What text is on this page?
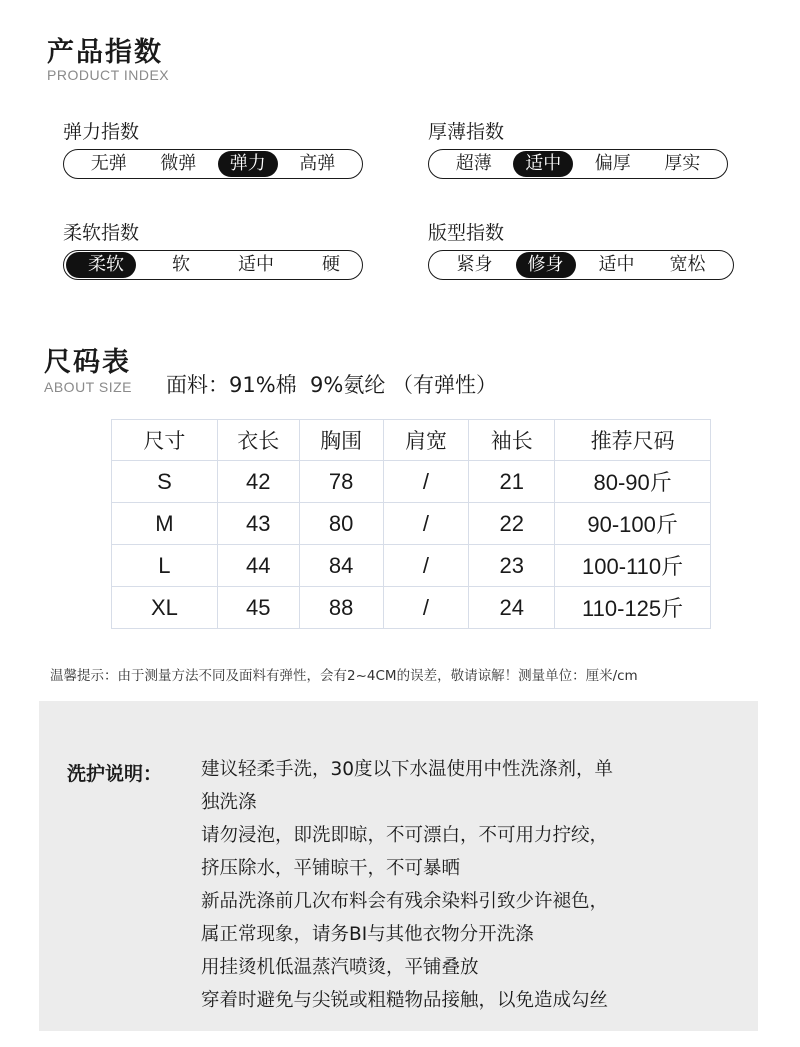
产品指数
PRODUCT INDEX
弹力指数
无弹	微弹	弹力	高弹
厚薄指数
超薄	适中	偏厚	厚实
柔软指数
柔软	软	适中	硬
版型指数
紧身	修身	适中	宽松
尺码表
ABOUT SIZE 面料：91%棉  9%氨纶 （有弹性）
尺寸	衣长	胸围	肩宽	袖长	推荐尺码
S	42	78	/	21	80-90斤
M	43	80	/	22	90-100斤
L	44	84	/	23	100-110斤
XL	45	88	/	24	110-125斤
温馨提示：由于测量方法不同及面料有弹性，会有2~4CM的误差，敬请谅解！测量单位：厘米/cm
洗护说明： 建议轻柔手洗，30度以下水温使用中性洗涤剂，单
独洗涤
请勿浸泡，即洗即晾，不可漂白，不可用力拧绞，
挤压除水，平铺晾干，不可暴晒
新品洗涤前几次布料会有残余染料引致少许褪色，
属正常现象，请务BI与其他衣物分开洗涤
用挂烫机低温蒸汽喷烫，平铺叠放
穿着时避免与尖锐或粗糙物品接触，以免造成勾丝
